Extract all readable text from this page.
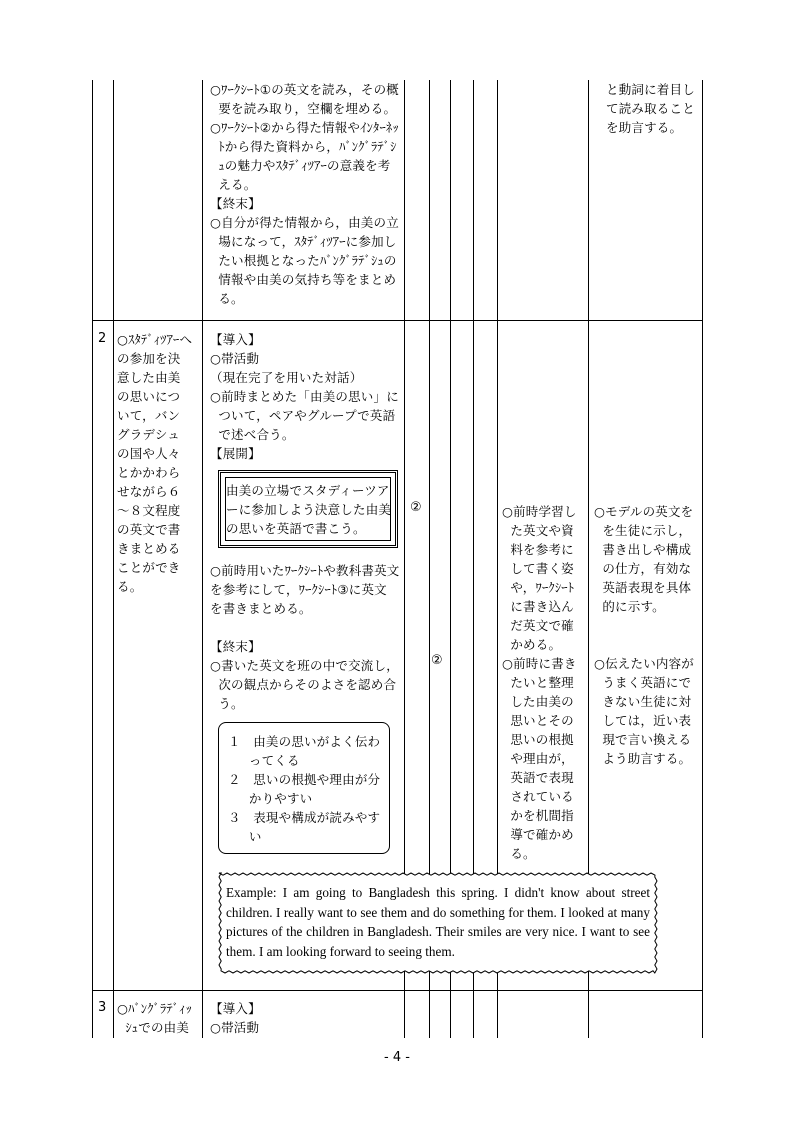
○ﾜｰｸｼｰﾄ①の英文を読み，その概
要を読み取り，空欄を埋める。
○ﾜｰｸｼｰﾄ②から得た情報やｲﾝﾀｰﾈｯ
ﾄから得た資料から，ﾊﾞﾝｸﾞﾗﾃﾞｼ
ｭの魅力やｽﾀﾃﾞｨﾂｱｰの意義を考
える。
【終末】
○自分が得た情報から，由美の立
場になって，ｽﾀﾃﾞｨﾂｱｰに参加し
たい根拠となったﾊﾞﾝｸﾞﾗﾃﾞｼｭの
情報や由美の気持ち等をまとめ
る。
と動詞に着目し
て読み取ること
を助言する。
2 ○ｽﾀﾃﾞｨﾂｱｰへ
の参加を決
意した由美
の思いにつ
いて，バン
グラデシュ
の国や人々
とかかわら
せながら６
～８文程度
の英文で書
きまとめる
ことができ
る。
【導入】
○帯活動
（現在完了を用いた対話）
○前時まとめた「由美の思い」に
ついて，ペアやグループで英語
で述べ合う。
【展開】
由美の立場でスタディーツア
ーに参加しよう決意した由美
の思いを英語で書こう。
②
②
○前時用いたﾜｰｸｼｰﾄや教科書英文
を参考にして，ﾜｰｸｼｰﾄ③に英文
を書きまとめる。
【終末】
○書いた英文を班の中で交流し，
次の観点からそのよさを認め合
う。
１   由美の思いがよく伝わ
ってくる
２   思いの根拠や理由が分
かりやすい
３   表現や構成が読みやす
い
○前時学習し
た英文や資
料を参考に
して書く姿
や，ﾜｰｸｼｰﾄ
に書き込ん
だ英文で確
かめる。
○前時に書き
たいと整理
した由美の
思いとその
思いの根拠
や理由が，
英語で表現
されている
かを机間指
導で確かめ
る。
○モデルの英文を
を生徒に示し，
書き出しや構成
の仕方，有効な
英語表現を具体
的に示す。
○伝えたい内容が
うまく英語にで
きない生徒に対
しては，近い表
現で言い換える
よう助言する。
Example: I am going to Bangladesh this spring. I didn't know about street children. I really want to see them and do something for them. I looked at many pictures of the children in Bangladesh. Their smiles are very nice. I want to see them. I am looking forward to seeing them.
3 ○ﾊﾞﾝｸﾞﾗﾃﾞｨｯ
ｼｭでの由美
【導入】
○帯活動
- 4 -
